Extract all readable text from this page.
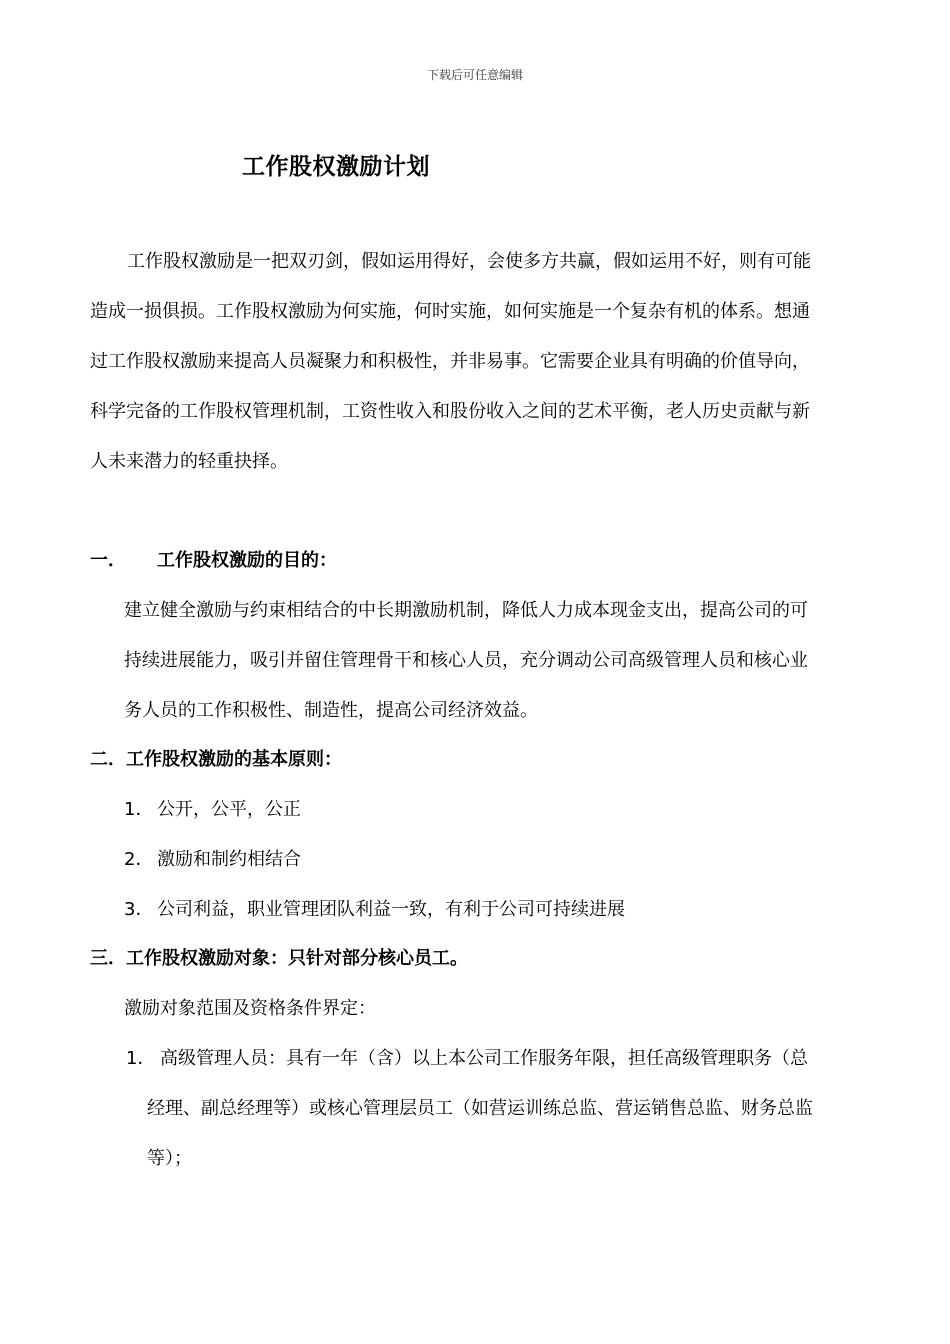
下载后可任意编辑
工作股权激励计划
工作股权激励是一把双刃剑，假如运用得好，会使多方共赢，假如运用不好，则有可能
造成一损俱损。工作股权激励为何实施，何时实施，如何实施是一个复杂有机的体系。想通
过工作股权激励来提高人员凝聚力和积极性，并非易事。它需要企业具有明确的价值导向，
科学完备的工作股权管理机制，工资性收入和股份收入之间的艺术平衡，老人历史贡献与新
人未来潜力的轻重抉择。
一． 工作股权激励的目的：
建立健全激励与约束相结合的中长期激励机制，降低人力成本现金支出，提高公司的可
持续进展能力，吸引并留住管理骨干和核心人员，充分调动公司高级管理人员和核心业
务人员的工作积极性、制造性，提高公司经济效益。
二．工作股权激励的基本原则：
1． 公开，公平，公正
2． 激励和制约相结合
3． 公司利益，职业管理团队利益一致，有利于公司可持续进展
三．工作股权激励对象：只针对部分核心员工。
激励对象范围及资格条件界定：
1． 高级管理人员：具有一年（含）以上本公司工作服务年限，担任高级管理职务（总
经理、副总经理等）或核心管理层员工（如营运训练总监、营运销售总监、财务总监
等）；
